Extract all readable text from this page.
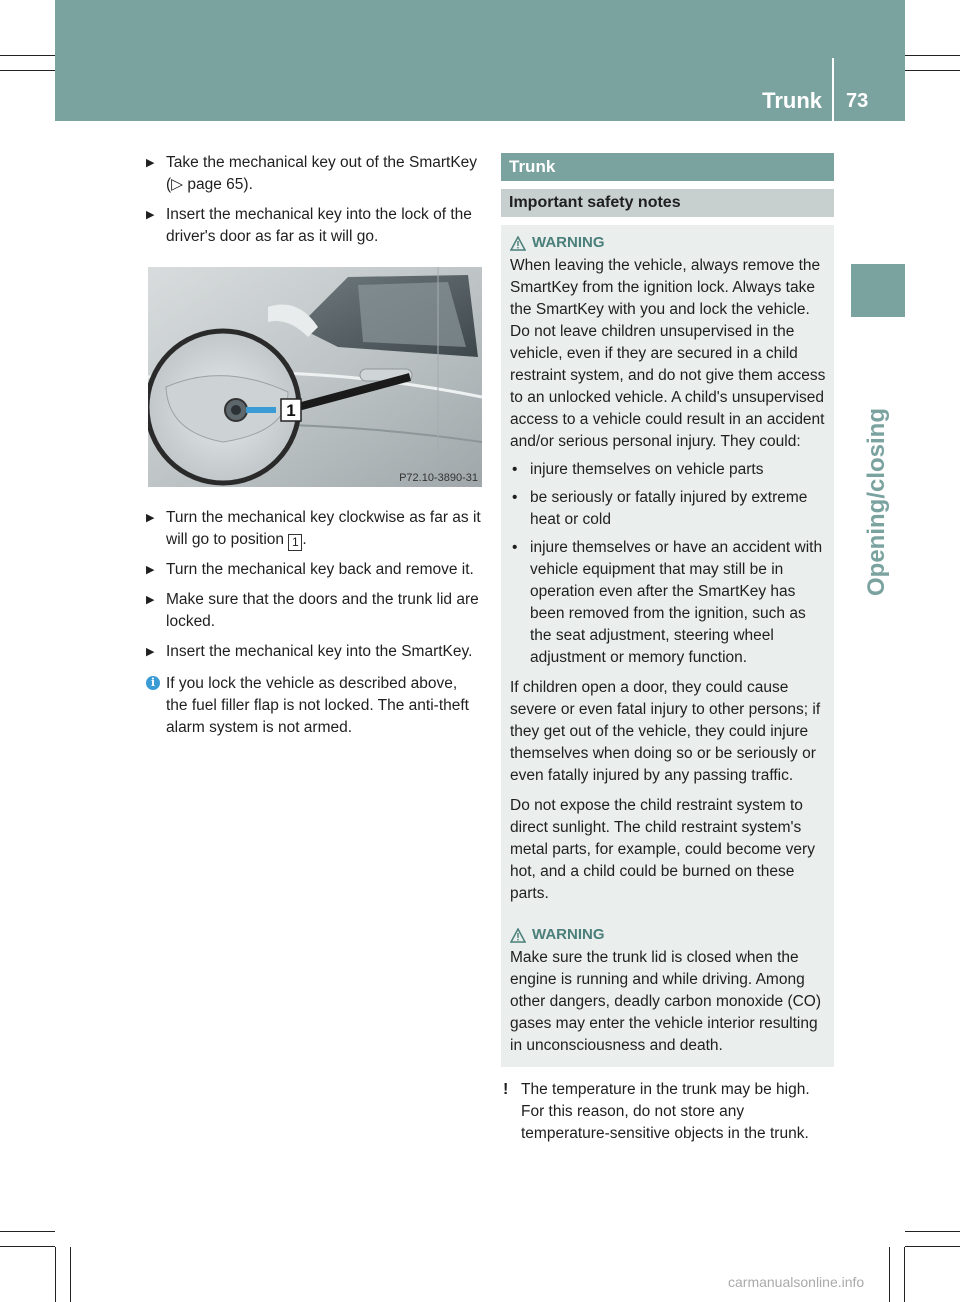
Trunk 73
Opening/closing
▶ Take the mechanical key out of the SmartKey (▷ page 65).
▶ Insert the mechanical key into the lock of the driver's door as far as it will go.
1
P72.10-3890-31
▶ Turn the mechanical key clockwise as far as it will go to position 1 .
▶ Turn the mechanical key back and remove it.
▶ Make sure that the doors and the trunk lid are locked.
▶ Insert the mechanical key into the SmartKey.
i If you lock the vehicle as described above, the fuel filler flap is not locked. The anti-theft alarm system is not armed.
Trunk
Important safety notes
WARNING

When leaving the vehicle, always remove the SmartKey from the ignition lock. Always take the SmartKey with you and lock the vehicle. Do not leave children unsupervised in the vehicle, even if they are secured in a child restraint system, and do not give them access to an unlocked vehicle. A child's unsupervised access to a vehicle could result in an accident and/or serious personal injury. They could:

• injure themselves on vehicle parts
• be seriously or fatally injured by extreme heat or cold
• injure themselves or have an accident with vehicle equipment that may still be in operation even after the SmartKey has been removed from the ignition, such as the seat adjustment, steering wheel adjustment or memory function.

If children open a door, they could cause severe or even fatal injury to other persons; if they get out of the vehicle, they could injure themselves when doing so or be seriously or even fatally injured by any passing traffic.

Do not expose the child restraint system to direct sunlight. The child restraint system's metal parts, for example, could become very hot, and a child could be burned on these parts.

WARNING

Make sure the trunk lid is closed when the engine is running and while driving. Among other dangers, deadly carbon monoxide (CO) gases may enter the vehicle interior resulting in unconsciousness and death.

! The temperature in the trunk may be high. For this reason, do not store any temperature-sensitive objects in the trunk.
carmanualsonline.info
